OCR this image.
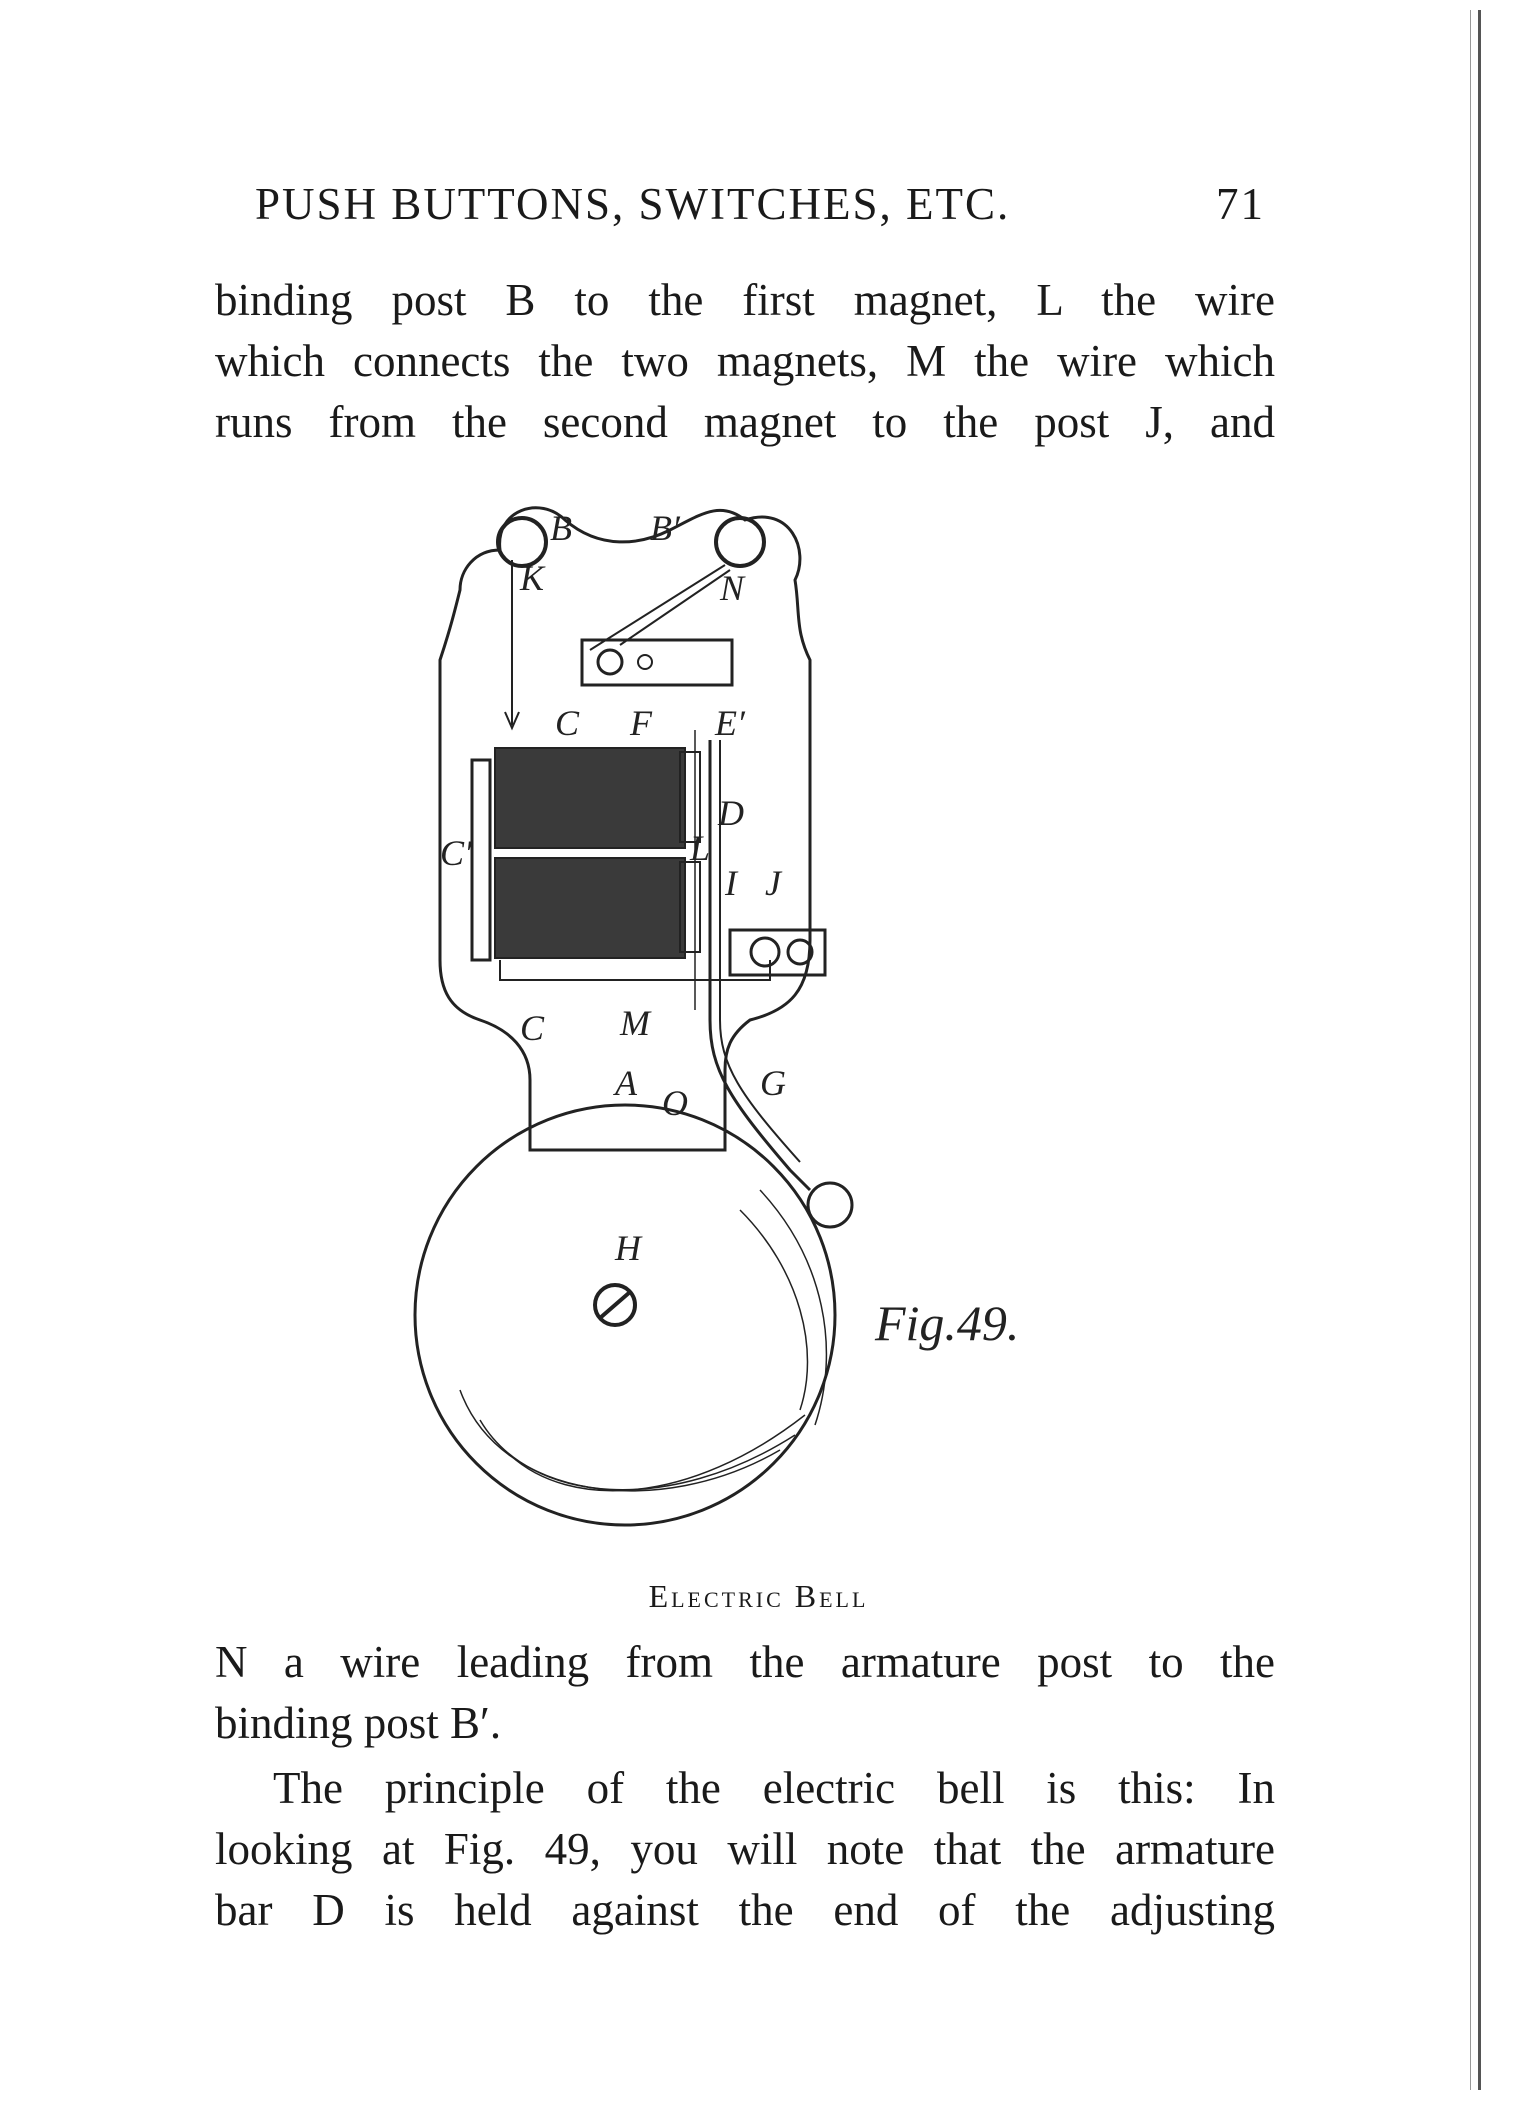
PUSH BUTTONS, SWITCHES, ETC.	71
binding post B to the first magnet, L the wire
which connects the two magnets, M the wire which
runs from the second magnet to the post J, and
B B′
K	N
C F E′
C′
D
L
I J
C M
A O G
H
Fig.49.
Electric Bell
N a wire leading from the armature post to the
binding post B′.
The principle of the electric bell is this: In
looking at Fig. 49, you will note that the armature
bar D is held against the end of the adjusting
